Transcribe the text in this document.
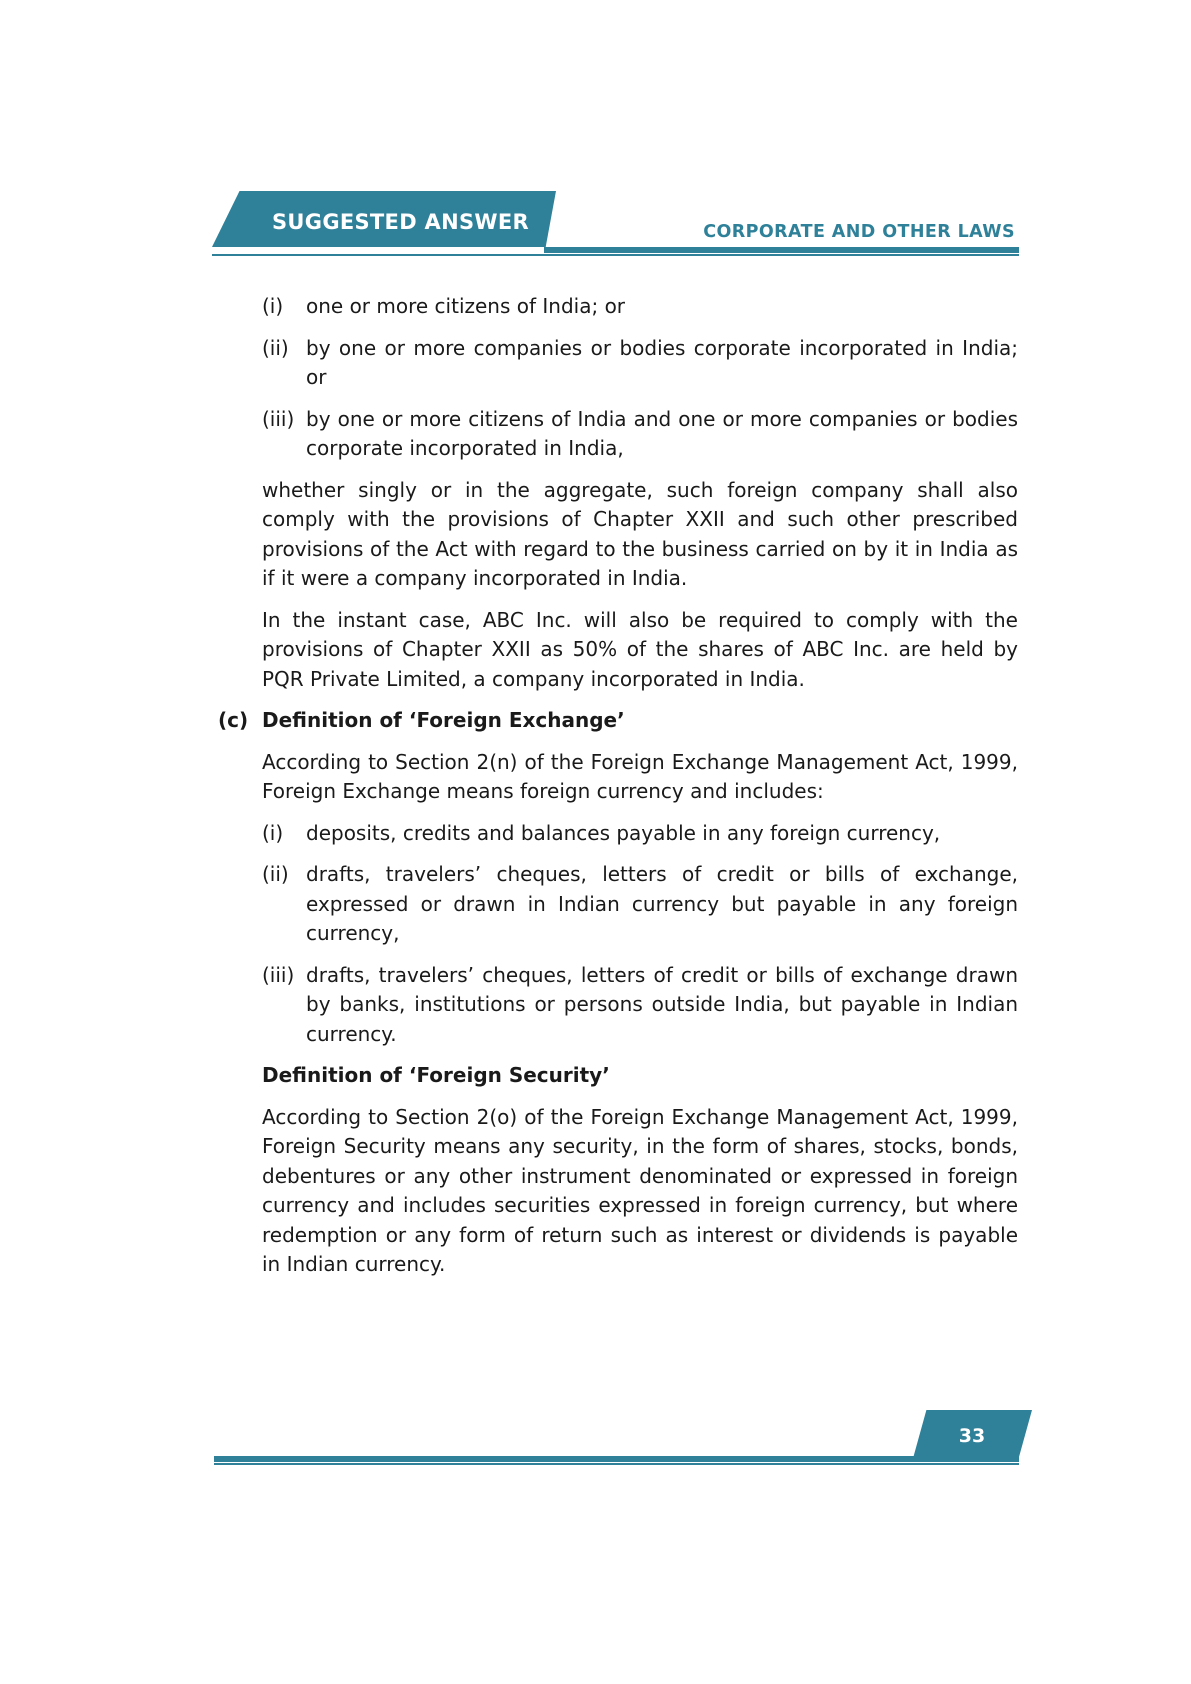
SUGGESTED ANSWER	CORPORATE AND OTHER LAWS
(i)	one or more citizens of India; or
(ii) by one or more companies or bodies corporate incorporated in India; or
(iii) by one or more citizens of India and one or more companies or bodies corporate incorporated in India,
whether singly or in the aggregate, such foreign company shall also comply with the provisions of Chapter XXII and such other prescribed provisions of the Act with regard to the business carried on by it in India as if it were a company incorporated in India.
In the instant case, ABC Inc. will also be required to comply with the provisions of Chapter XXII as 50% of the shares of ABC Inc. are held by PQR Private Limited, a company incorporated in India.
(c) Definition of ‘Foreign Exchange’
According to Section 2(n) of the Foreign Exchange Management Act, 1999, Foreign Exchange means foreign currency and includes:
(i)	deposits, credits and balances payable in any foreign currency,
(ii) drafts, travelers’ cheques, letters of credit or bills of exchange, expressed or drawn in Indian currency but payable in any foreign currency,
(iii) drafts, travelers’ cheques, letters of credit or bills of exchange drawn by banks, institutions or persons outside India, but payable in Indian currency.
Definition of ‘Foreign Security’
According to Section 2(o) of the Foreign Exchange Management Act, 1999, Foreign Security means any security, in the form of shares, stocks, bonds, debentures or any other instrument denominated or expressed in foreign currency and includes securities expressed in foreign currency, but where redemption or any form of return such as interest or dividends is payable in Indian currency.
33
